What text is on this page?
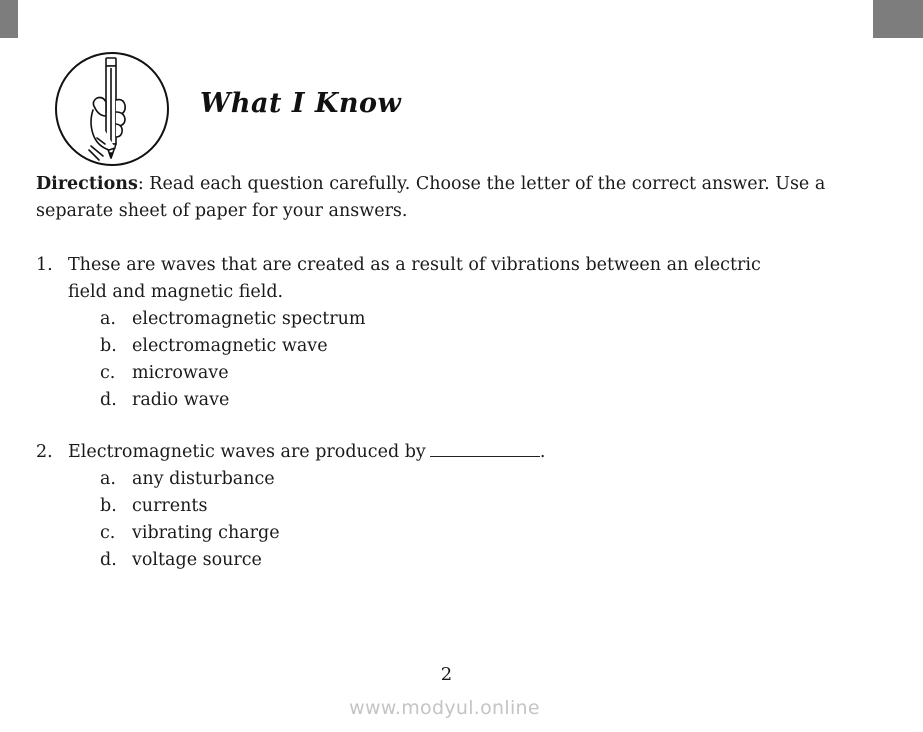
What I Know

Directions: Read each question carefully. Choose the letter of the correct answer. Use a separate sheet of paper for your answers.

1. These are waves that are created as a result of vibrations between an electric field and magnetic field.
a. electromagnetic spectrum
b. electromagnetic wave
c. microwave
d. radio wave
2. Electromagnetic waves are produced by	.
a. any disturbance
b. currents
c. vibrating charge
d. voltage source

2

www.modyul.online
